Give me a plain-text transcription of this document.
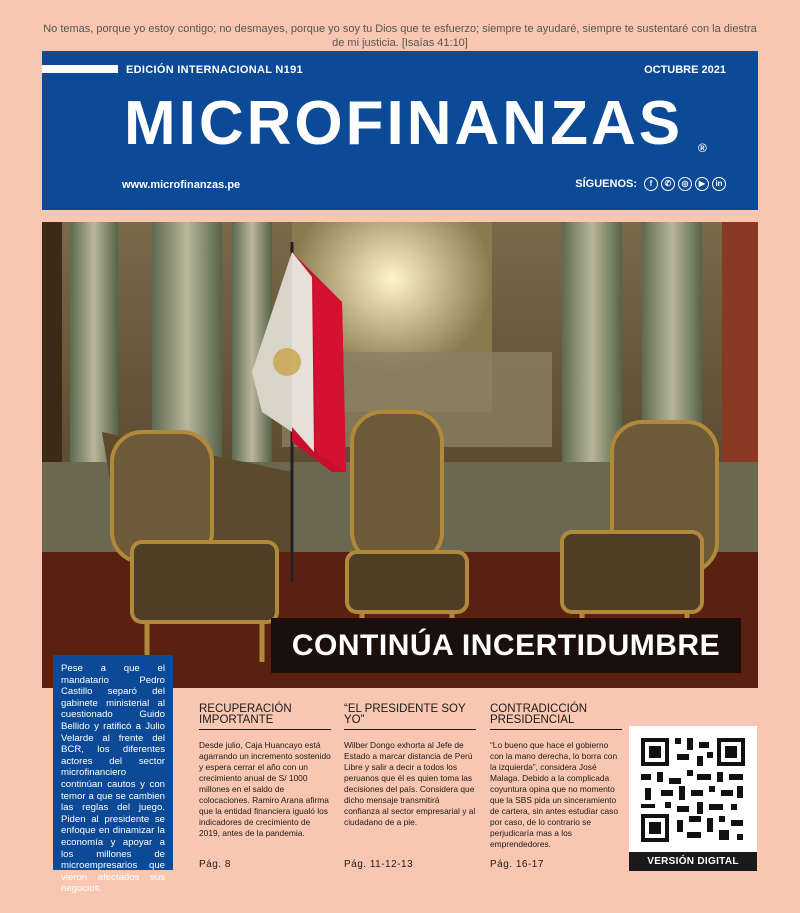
No temas, porque yo estoy contigo; no desmayes, porque yo soy tu Dios que te esfuerzo; siempre te ayudaré, siempre te sustentaré con la diestra de mi justicia. [Isaías 41:10]
EDICIÓN INTERNACIONAL N191	OCTUBRE 2021
MICROFINANZAS ®
www.microfinanzas.pe	SÍGUENOS:	f	✆	◎	▶	in
CONTINÚA INCERTIDUMBRE
Pese a que el mandatario Pedro Castillo separó del gabinete ministerial al cuestionado Guido Bellido y ratificó a Julio Velarde al frente del BCR, los diferentes actores del sector microfinanciero continúan cautos y con temor a que se cambien las reglas del juego. Piden al presidente se enfoque en dinamizar la economía y apoyar a los millones de microempresarios que vieron afectados sus negocios.
RECUPERACIÓN IMPORTANTE
Desde julio, Caja Huancayo está agarrando un incremento sostenido y espera cerrar el año con un crecimiento anual de S/ 1000 millones en el saldo de colocaciones. Ramiro Arana afirma que la entidad financiera igualó los indicadores de crecimiento de 2019, antes de la pandemia.
Pág. 8
“EL PRESIDENTE SOY YO”
Wilber Dongo exhorta al Jefe de Estado a marcar distancia de Perú Libre y salir a decir a todos los peruanos que él es quien toma las decisiones del país. Considera que dicho mensaje transmitirá confianza al sector empresarial y al ciudadano de a pie.
Pág. 11-12-13
CONTRADICCIÓN PRESIDENCIAL
“Lo bueno que hace el gobierno con la mano derecha, lo borra con la izquierda”, considera José Malaga. Debido a la complicada coyuntura opina que no momento que la SBS pida un sinceramiento de cartera, sin antes estudiar caso por caso, de lo contrario se perjudicaría mas a los emprendedores.
Pág. 16-17	VERSIÓN DIGITAL
